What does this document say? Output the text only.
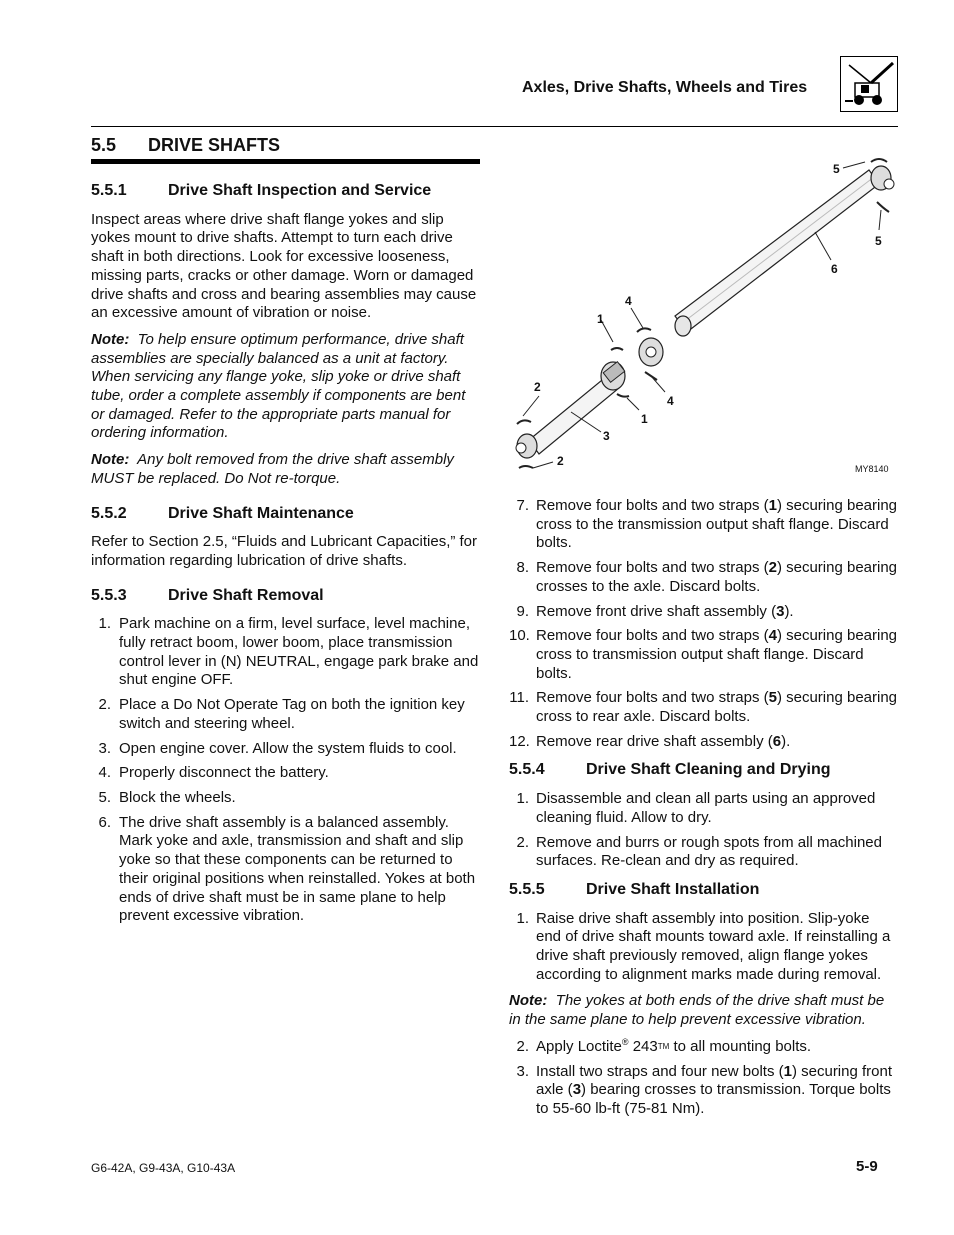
Axles, Drive Shafts, Wheels and Tires
5.5 DRIVE SHAFTS
5.5.1	Drive Shaft Inspection and Service

Inspect areas where drive shaft flange yokes and slip yokes mount to drive shafts. Attempt to turn each drive shaft in both directions. Look for excessive looseness, missing parts, cracks or other damage. Worn or damaged drive shafts and cross and bearing assemblies may cause an excessive amount of vibration or noise.

Note: To help ensure optimum performance, drive shaft assemblies are specially balanced as a unit at factory. When servicing any flange yoke, slip yoke or drive shaft tube, order a complete assembly if components are bent or damaged. Refer to the appropriate parts manual for ordering information.

Note: Any bolt removed from the drive shaft assembly MUST be replaced. Do Not re-torque.

5.5.2	Drive Shaft Maintenance

Refer to Section 2.5, “Fluids and Lubricant Capacities,” for information regarding lubrication of drive shafts.

5.5.3	Drive Shaft Removal
1. Park machine on a firm, level surface, level machine, fully retract boom, lower boom, place transmission control lever in (N) NEUTRAL, engage park brake and shut engine OFF.
2. Place a Do Not Operate Tag on both the ignition key switch and steering wheel.
3. Open engine cover. Allow the system fluids to cool.
4. Properly disconnect the battery.
5. Block the wheels.
6. The drive shaft assembly is a balanced assembly. Mark yoke and axle, transmission and shaft and slip yoke so that these components can be returned to their original positions when reinstalled. Yokes at both ends of drive shaft must be in same plane to help prevent excessive vibration.
5
5
6
4
1
2
4
1
3
2
MY8140
7. Remove four bolts and two straps (1) securing bearing cross to the transmission output shaft flange. Discard bolts.
8. Remove four bolts and two straps (2) securing bearing crosses to the axle. Discard bolts.
9. Remove front drive shaft assembly (3).
10. Remove four bolts and two straps (4) securing bearing cross to transmission output shaft flange. Discard bolts.
11. Remove four bolts and two straps (5) securing bearing cross to rear axle. Discard bolts.
12. Remove rear drive shaft assembly (6).
5.5.4	Drive Shaft Cleaning and Drying
1. Disassemble and clean all parts using an approved cleaning fluid. Allow to dry.
2. Remove and burrs or rough spots from all machined surfaces. Re-clean and dry as required.
5.5.5	Drive Shaft Installation
1. Raise drive shaft assembly into position. Slip-yoke end of drive shaft mounts toward axle. If reinstalling a drive shaft previously removed, align flange yokes according to alignment marks made during removal.

Note: The yokes at both ends of the drive shaft must be in the same plane to help prevent excessive vibration.

2. Apply Loctite® 243TM to all mounting bolts.
3. Install two straps and four new bolts (1) securing front axle (3) bearing crosses to transmission. Torque bolts to 55-60 lb-ft (75-81 Nm).
G6-42A, G9-43A, G10-43A	5-9
